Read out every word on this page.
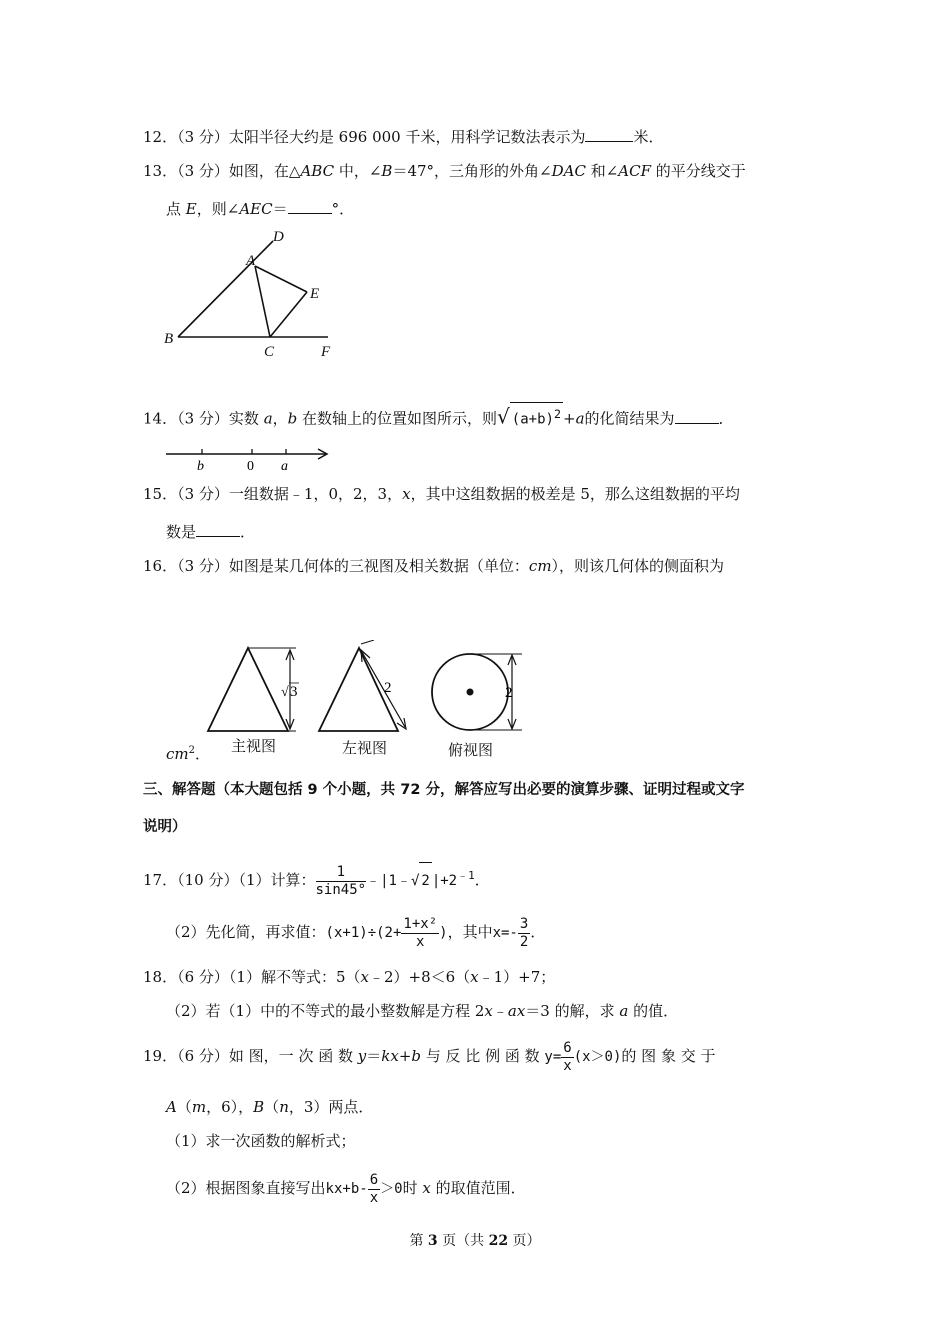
12．（3 分）太阳半径大约是 696 000 千米，用科学记数法表示为	米．
13．（3 分）如图，在△ABC 中，∠B＝47°，三角形的外角∠DAC 和∠ACF 的平分线交于
点 E，则∠AEC＝	°．
A
D
E
B
C	F
14．（3 分）实数 a，b 在数轴上的位置如图所示，则√ $(a+b)^2 +a$的化简结果为	．
b	0 a
15．（3 分）一组数据﹣1，0，2，3，x，其中这组数据的极差是 5，那么这组数据的平均
数是	．
16．（3 分）如图是某几何体的三视图及相关数据（单位：cm），则该几何体的侧面积为
√ 3	2	2
$cm^2$． 主视图	左视图	俯视图
三、解答题（本大题包括 9 个小题，共 72 分，解答应写出必要的演算步骤、证明过程或文字
说明）
17．（10 分）（1）计算： $\frac{1}{\sin 45^\circ}$ ﹣|1﹣√ 2 $|+2^{﹣1}$．
（2）先化简，再求值：$(x+1)\div(2+ \frac{\text{1+x²}}{x}$ )，其中$x=- \frac{3}{2}$ ．
18．（6 分）（1）解不等式：5（x﹣2）+8＜6（x﹣1）+7；
（2）若（1）中的不等式的最小整数解是方程 2x﹣ax＝3 的解，求 a 的值．
19．（6 分）如 图，一 次 函 数 y＝kx+b 与 反 比 例 函 数 $y= \frac{6}{x} (x>0)$的 图 象 交 于
A（m，6），B（n，3）两点．
（1）求一次函数的解析式；
（2）根据图象直接写出$kx+b- \frac{6}{x} >0$时 x 的取值范围．
第 3 页（共 22 页）
